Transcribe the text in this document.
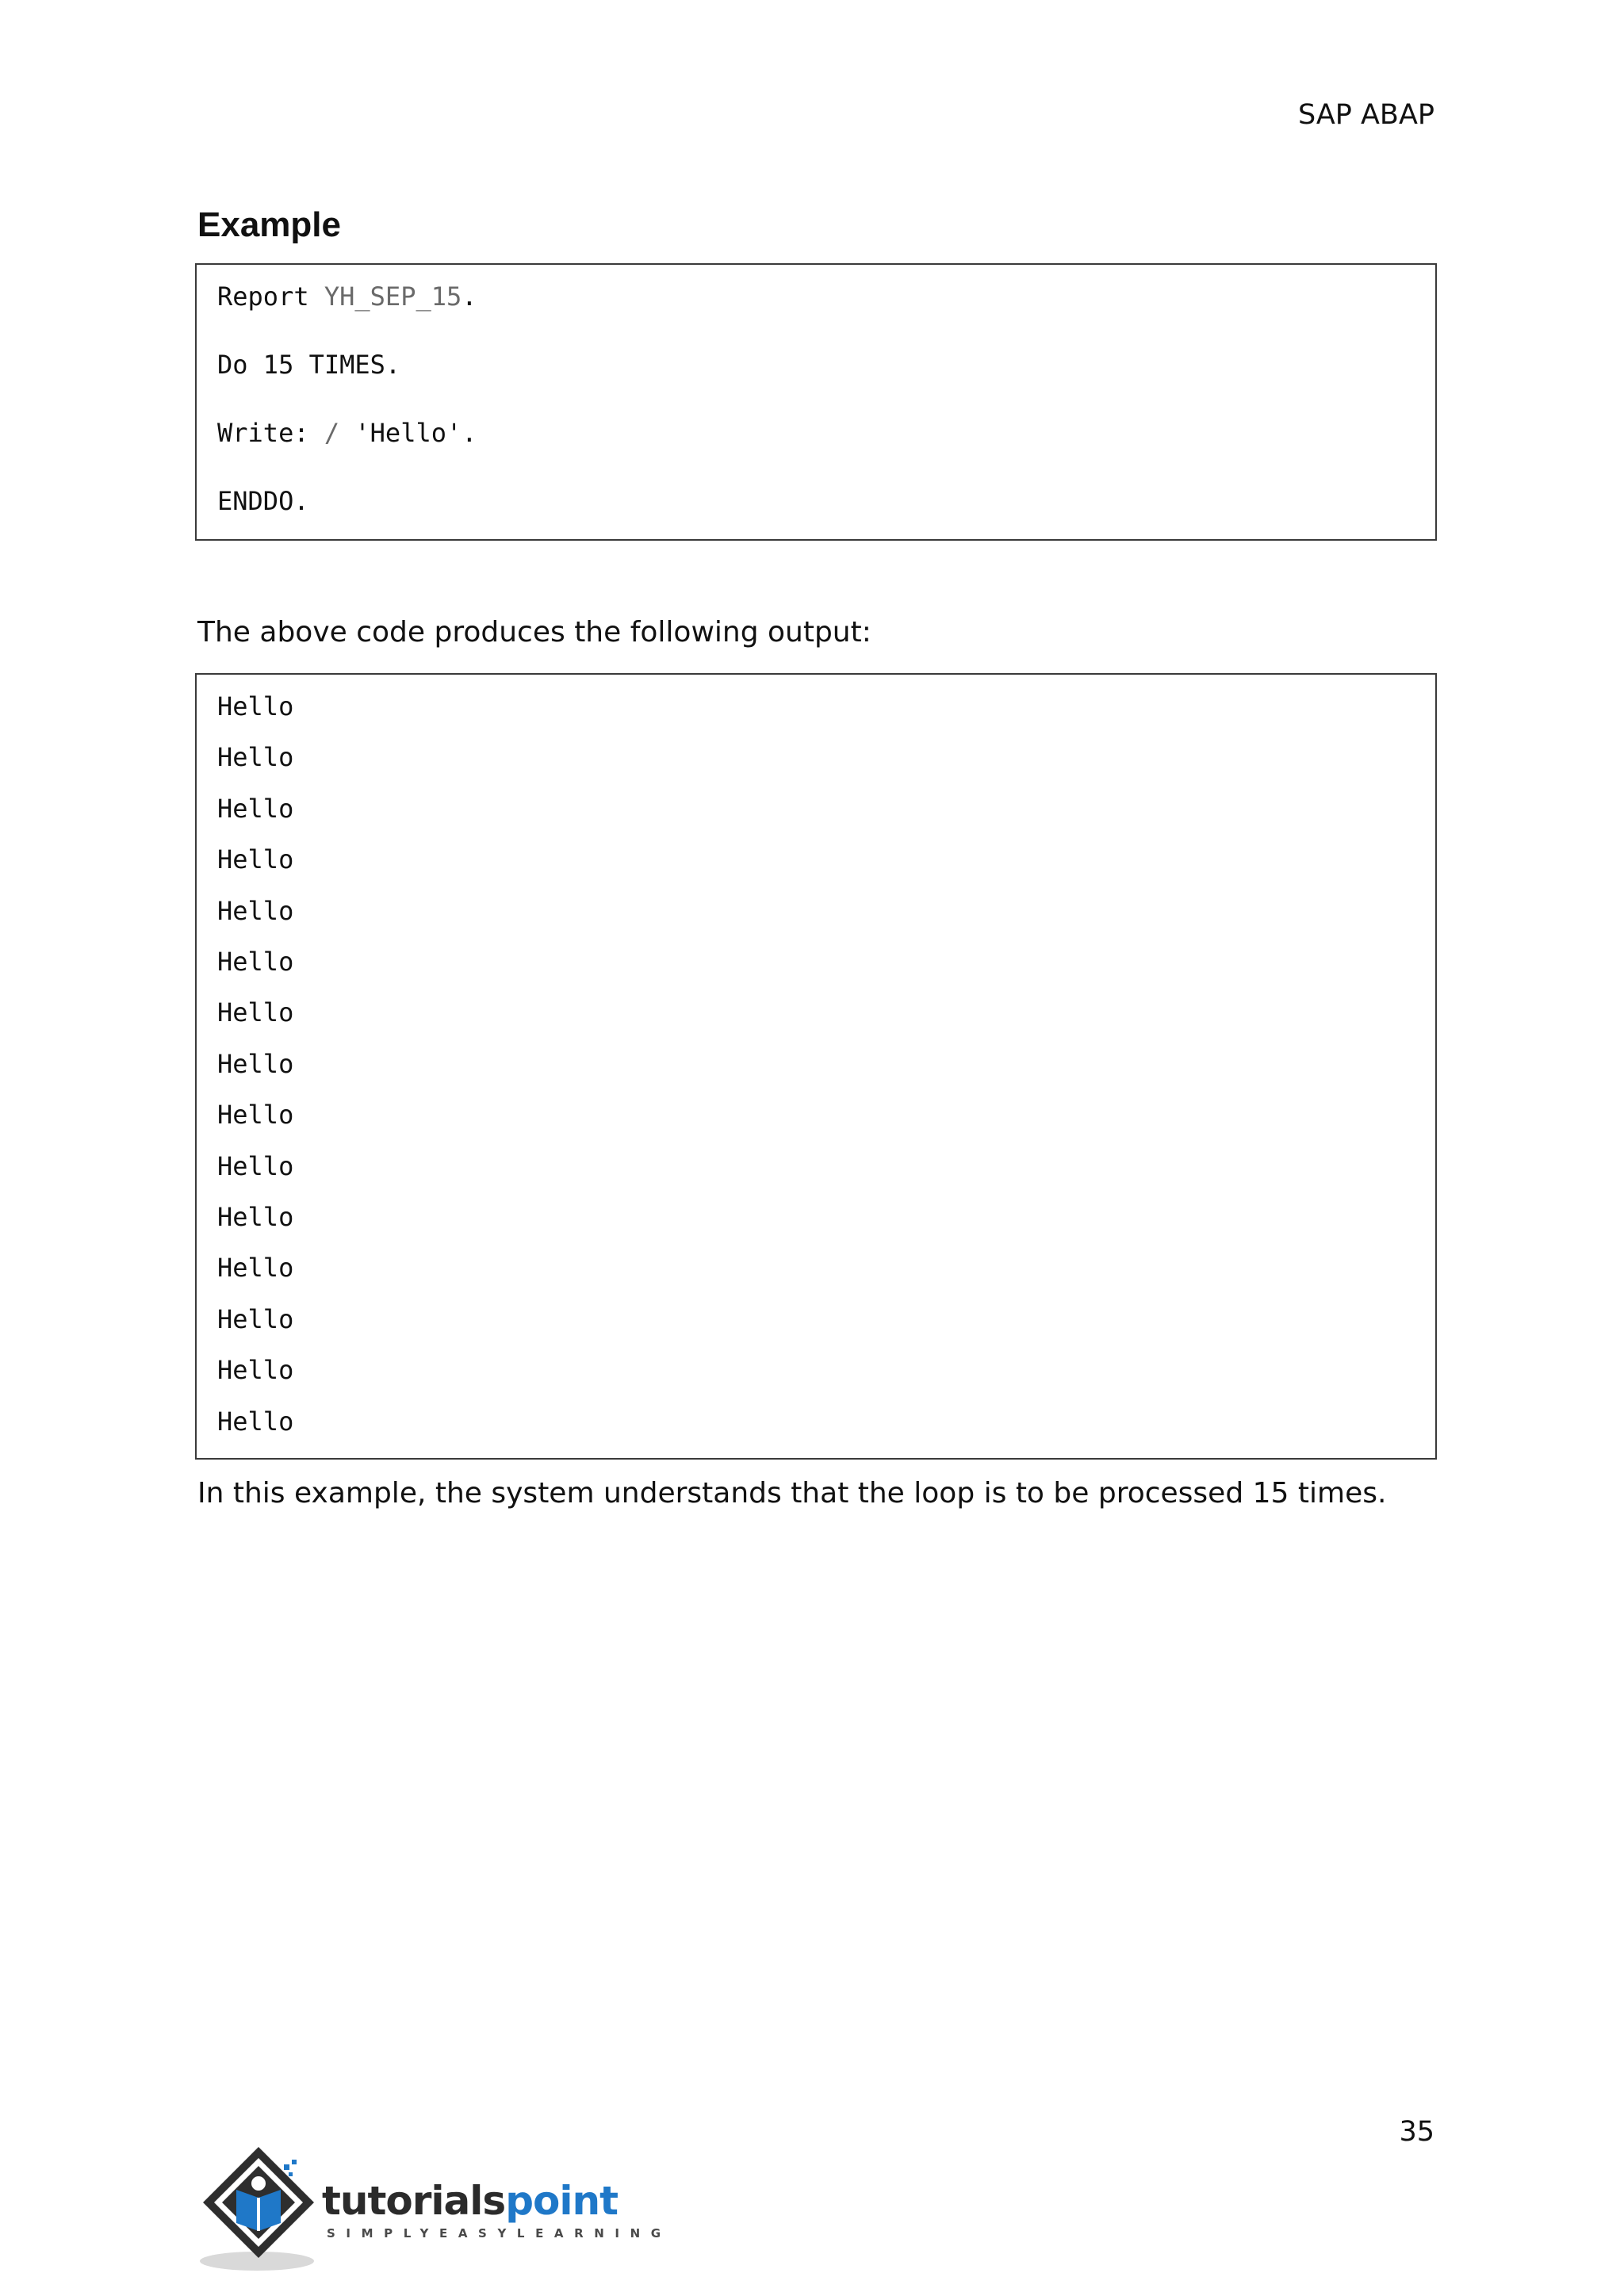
SAP ABAP
Example
Report YH_SEP_15.
Do 15 TIMES.
Write: / 'Hello'.
ENDDO.

The above code produces the following output:

Hello
Hello
Hello
Hello
Hello
Hello
Hello
Hello
Hello
Hello
Hello
Hello
Hello
Hello
Hello

In this example, the system understands that the loop is to be processed 15 times.

35
tutorialspoint
SIMPLYEASYLEARNING
